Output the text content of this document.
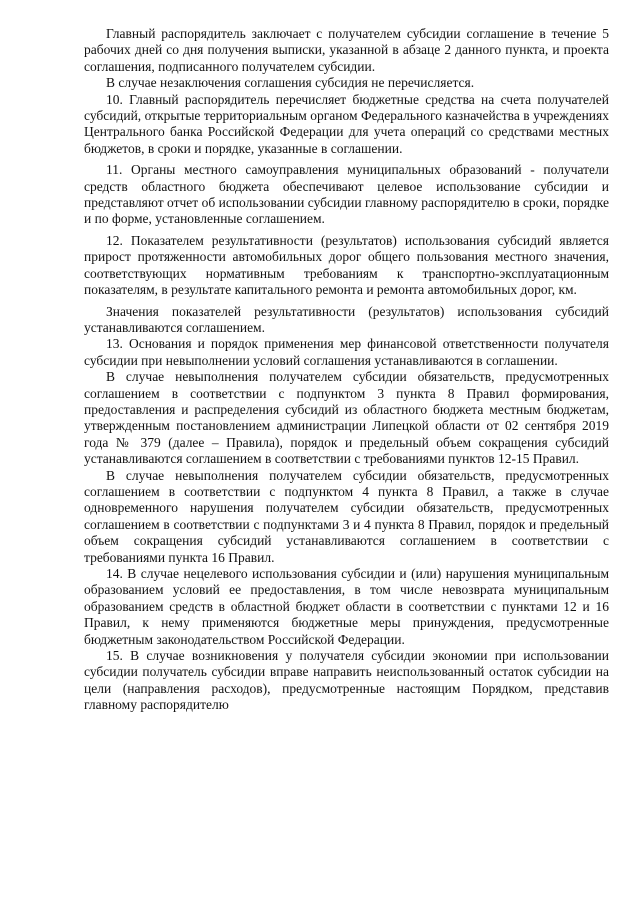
Главный распорядитель заключает с получателем субсидии соглашение в течение 5 рабочих дней со дня получения выписки, указанной в абзаце 2 данного пункта, и проекта соглашения, подписанного получателем субсидии.

В случае незаключения соглашения субсидия не перечисляется.

10. Главный распорядитель перечисляет бюджетные средства на счета получателей субсидий, открытые территориальным органом Федерального казначейства в учреждениях Центрального банка Российской Федерации для учета операций со средствами местных бюджетов, в сроки и порядке, указанные в соглашении.

11. Органы местного самоуправления муниципальных образований - получатели средств областного бюджета обеспечивают целевое использование субсидии и представляют отчет об использовании субсидии главному распорядителю в сроки, порядке и по форме, установленные соглашением.

12. Показателем результативности (результатов) использования субсидий является прирост протяженности автомобильных дорог общего пользования местного значения, соответствующих нормативным требованиям к транспортно-эксплуатационным показателям, в результате капитального ремонта и ремонта автомобильных дорог, км.

Значения показателей результативности (результатов) использования субсидий устанавливаются соглашением.

13. Основания и порядок применения мер финансовой ответственности получателя субсидии при невыполнении условий соглашения устанавливаются в соглашении.

В случае невыполнения получателем субсидии обязательств, предусмотренных соглашением в соответствии с подпунктом 3 пункта 8 Правил формирования, предоставления и распределения субсидий из областного бюджета местным бюджетам, утвержденным постановлением администрации Липецкой области от 02 сентября 2019 года № 379 (далее – Правила), порядок и предельный объем сокращения субсидий устанавливаются соглашением в соответствии с требованиями пунктов 12-15 Правил.

В случае невыполнения получателем субсидии обязательств, предусмотренных соглашением в соответствии с подпунктом 4 пункта 8 Правил, а также в случае одновременного нарушения получателем субсидии обязательств, предусмотренных соглашением в соответствии с подпунктами 3 и 4 пункта 8 Правил, порядок и предельный объем сокращения субсидий устанавливаются соглашением в соответствии с требованиями пункта 16 Правил.

14. В случае нецелевого использования субсидии и (или) нарушения муниципальным образованием условий ее предоставления, в том числе невозврата муниципальным образованием средств в областной бюджет области в соответствии с пунктами 12 и 16 Правил, к нему применяются бюджетные меры принуждения, предусмотренные бюджетным законодательством Российской Федерации.

15. В случае возникновения у получателя субсидии экономии при использовании субсидии получатель субсидии вправе направить неиспользованный остаток субсидии на цели (направления расходов), предусмотренные настоящим Порядком, представив главному распорядителю
